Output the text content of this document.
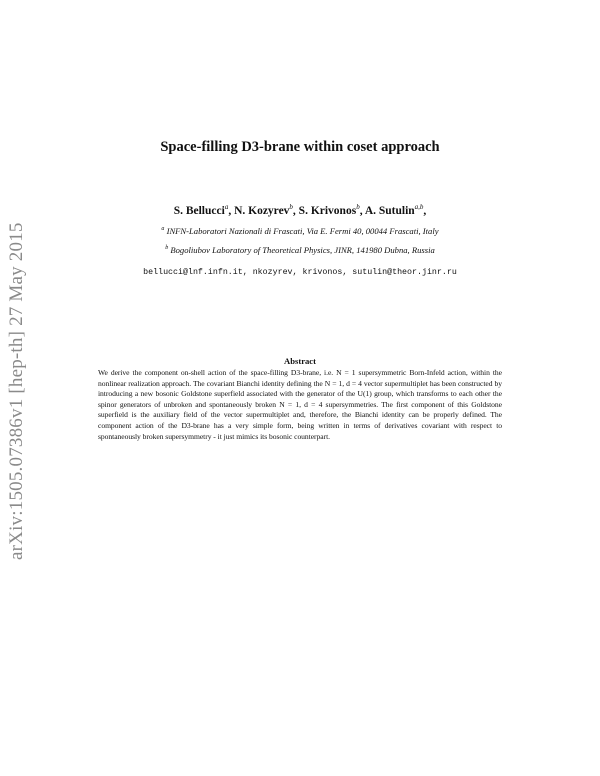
arXiv:1505.07386v1 [hep-th] 27 May 2015
Space-filling D3-brane within coset approach
S. Bellucci$^a$, N. Kozyrev$^b$, S. Krivonos$^b$, A. Sutulin$^{a,b}$,
$^a$ INFN-Laboratori Nazionali di Frascati, Via E. Fermi 40, 00044 Frascati, Italy
$^b$ Bogoliubov Laboratory of Theoretical Physics, JINR, 141980 Dubna, Russia
bellucci@lnf.infn.it, nkozyrev, krivonos, sutulin@theor.jinr.ru
Abstract
We derive the component on-shell action of the space-filling D3-brane, i.e. N = 1 supersymmetric Born-Infeld action, within the nonlinear realization approach. The covariant Bianchi identity defining the N = 1, d = 4 vector supermultiplet has been constructed by introducing a new bosonic Goldstone superfield associated with the generator of the U(1) group, which transforms to each other the spinor generators of unbroken and spontaneously broken N = 1, d = 4 supersymmetries. The first component of this Goldstone superfield is the auxiliary field of the vector supermultiplet and, therefore, the Bianchi identity can be properly defined. The component action of the D3-brane has a very simple form, being written in terms of derivatives covariant with respect to spontaneously broken supersymmetry - it just mimics its bosonic counterpart.
